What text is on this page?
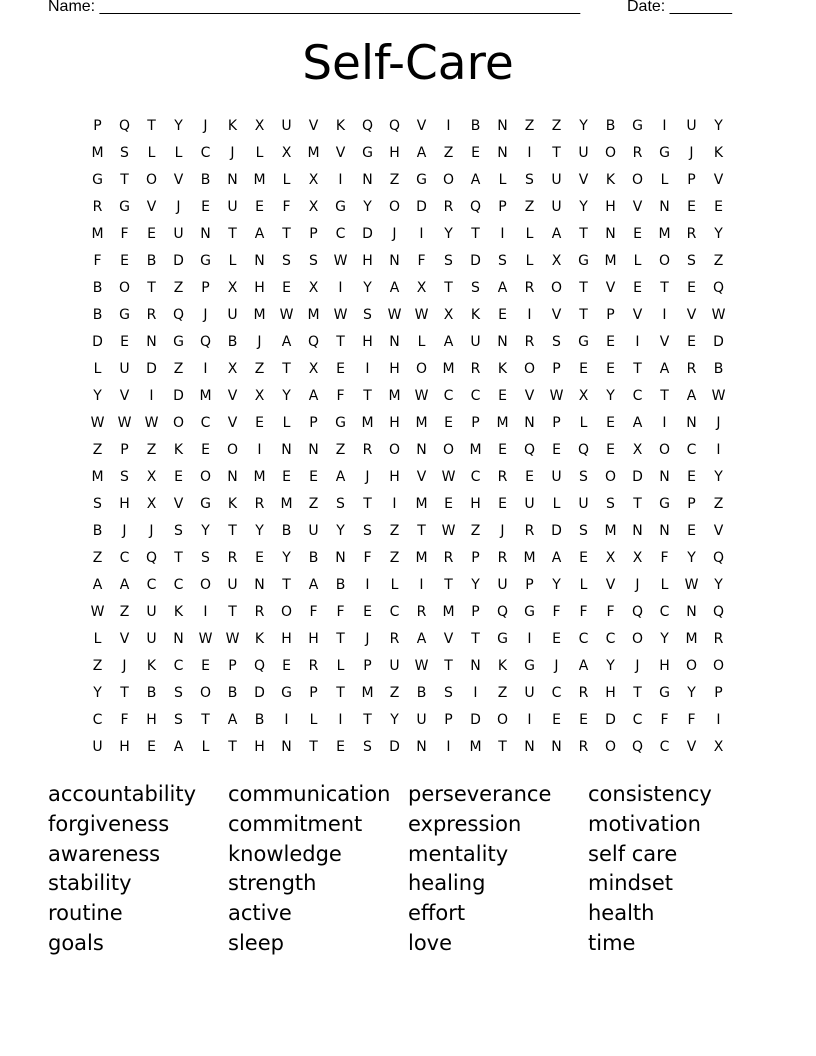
Name: ______________________________________________________	Date: _______
Self-Care
P	Q	T	Y	J	K	X	U	V	K	Q	Q	V	I	B	N	Z	Z	Y	B	G	I	U	Y
M	S	L	L	C	J	L	X	M	V	G	H	A	Z	E	N	I	T	U	O	R	G	J	K
G	T	O	V	B	N	M	L	X	I	N	Z	G	O	A	L	S	U	V	K	O	L	P	V
R	G	V	J	E	U	E	F	X	G	Y	O	D	R	Q	P	Z	U	Y	H	V	N	E	E
M	F	E	U	N	T	A	T	P	C	D	J	I	Y	T	I	L	A	T	N	E	M	R	Y
F	E	B	D	G	L	N	S	S	W	H	N	F	S	D	S	L	X	G	M	L	O	S	Z
B	O	T	Z	P	X	H	E	X	I	Y	A	X	T	S	A	R	O	T	V	E	T	E	Q
B	G	R	Q	J	U	M	W	M	W	S	W W	X	K	E	I	V	T	P	V	I	V	W
D	E	N	G	Q	B	J	A	Q	T	H	N	L	A	U	N	R	S	G	E	I	V	E	D
L	U	D	Z	I	X	Z	T	X	E	I	H	O	M	R	K	O	P	E	E	T	A	R	B
Y	V	I	D	M	V	X	Y	A	F	T	M	W	C	C	E	V	W	X	Y	C	T	A	W
W W W	O	C	V	E	L	P	G	M	H	M	E	P	M	N	P	L	E	A	I	N	J
Z	P	Z	K	E	O	I	N	N	Z	R	O	N	O	M	E	Q	E	Q	E	X	O	C	I
M	S	X	E	O	N	M	E	E	A	J	H	V	W	C	R	E	U	S	O	D	N	E	Y
S	H	X	V	G	K	R	M	Z	S	T	I	M	E	H	E	U	L	U	S	T	G	P	Z
B	J	J	S	Y	T	Y	B	U	Y	S	Z	T	W	Z	J	R	D	S	M	N	N	E	V
Z	C	Q	T	S	R	E	Y	B	N	F	Z	M	R	P	R	M	A	E	X	X	F	Y	Q
A	A	C	C	O	U	N	T	A	B	I	L	I	T	Y	U	P	Y	L	V	J	L	W	Y
W	Z	U	K	I	T	R	O	F	F	E	C	R	M	P	Q	G	F	F	F	Q	C	N	Q
L	V	U	N	W W	K	H	H	T	J	R	A	V	T	G	I	E	C	C	O	Y	M	R
Z	J	K	C	E	P	Q	E	R	L	P	U	W	T	N	K	G	J	A	Y	J	H	O	O
Y	T	B	S	O	B	D	G	P	T	M	Z	B	S	I	Z	U	C	R	H	T	G	Y	P
C	F	H	S	T	A	B	I	L	I	T	Y	U	P	D	O	I	E	E	D	C	F	F	I
U	H	E	A	L	T	H	N	T	E	S	D	N	I	M	T	N	N	R	O	Q	C	V	X
accountability	communication perseverance	consistency
forgiveness	commitment	expression	motivation
awareness	knowledge	mentality	self care
stability	strength	healing	mindset
routine	active	effort	health
goals	sleep	love	time
